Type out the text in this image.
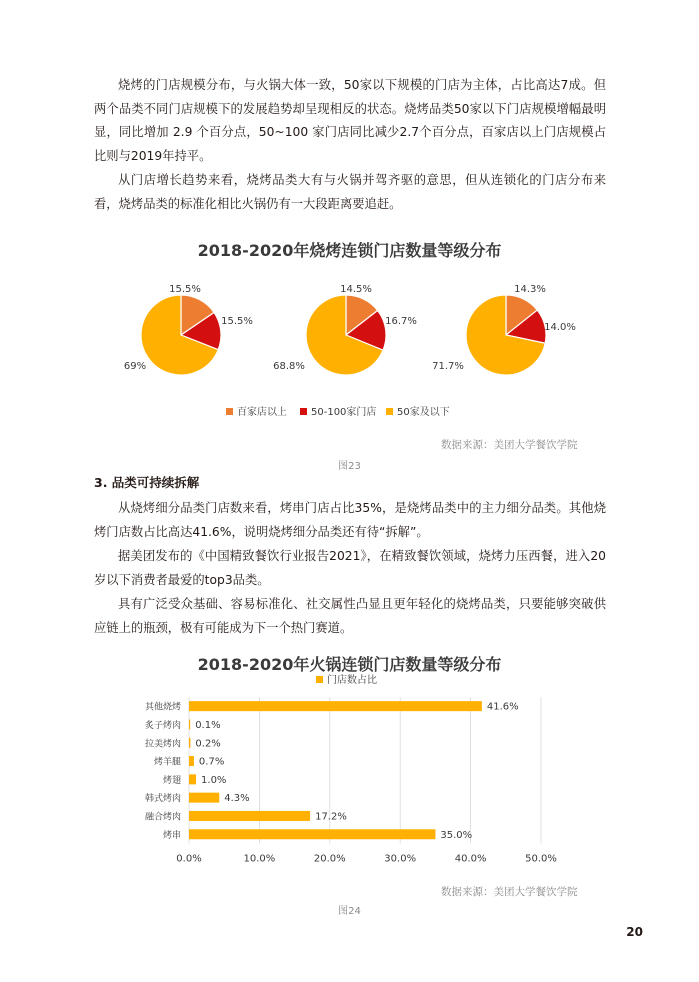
烧烤的门店规模分布，与火锅大体一致，50家以下规模的门店为主体，占比高达7成。但两个品类不同门店规模下的发展趋势却呈现相反的状态。烧烤品类50家以下门店规模增幅最明显，同比增加 2.9 个百分点，50~100 家门店同比减少2.7个百分点，百家店以上门店规模占比则与2019年持平。

从门店增长趋势来看，烧烤品类大有与火锅并驾齐驱的意思，但从连锁化的门店分布来看，烧烤品类的标准化相比火锅仍有一大段距离要追赶。

2018-2020年烧烤连锁门店数量等级分布
15.5%
15.5%
69%
14.5%
16.7%
68.8%
14.3%
14.0%
71.7%
百家店以上 50-100家门店 50家及以下
数据来源：美团大学餐饮学院
图23

3. 品类可持续拆解

从烧烤细分品类门店数来看，烤串门店占比35%，是烧烤品类中的主力细分品类。其他烧烤门店数占比高达41.6%，说明烧烤细分品类还有待“拆解”。

据美团发布的《中国精致餐饮行业报告2021》，在精致餐饮领域，烧烤力压西餐，进入20岁以下消费者最爱的top3品类。

具有广泛受众基础、容易标准化、社交属性凸显且更年轻化的烧烤品类，只要能够突破供应链上的瓶颈，极有可能成为下一个热门赛道。

2018-2020年火锅连锁门店数量等级分布
门店数占比
0.0%	10.0%	20.0%	30.0%	40.0%	50.0%
其他烧烤	41.6%
炙子烤肉 0.1%
拉美烤肉 0.2%
烤羊腿 0.7%
烤翅 1.0%
韩式烤肉	4.3%
融合烤肉	17.2%
烤串	35.0%
数据来源：美团大学餐饮学院
图24
20
